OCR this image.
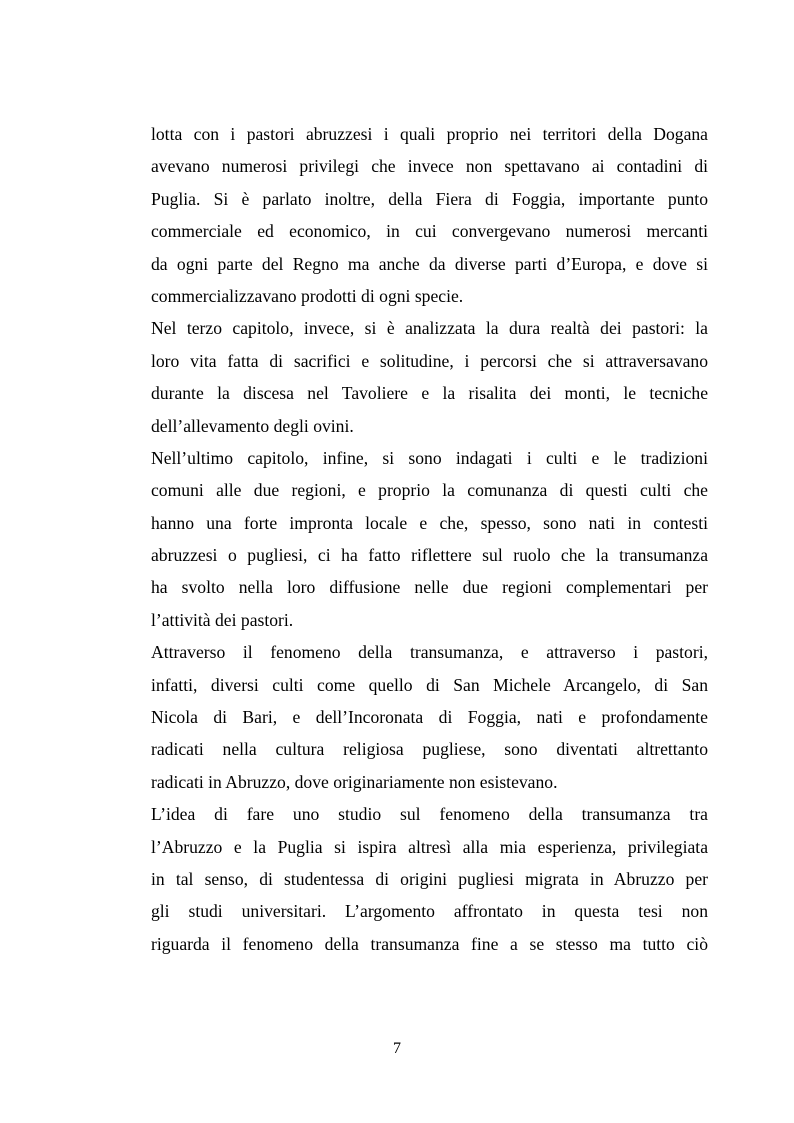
lotta con i pastori abruzzesi i quali proprio nei territori della Dogana
avevano numerosi privilegi che invece non spettavano ai contadini di
Puglia. Si è parlato inoltre, della Fiera di Foggia, importante punto
commerciale ed economico, in cui convergevano numerosi mercanti
da ogni parte del Regno ma anche da diverse parti d’Europa, e dove si
commercializzavano prodotti di ogni specie.
Nel terzo capitolo, invece, si è analizzata la dura realtà dei pastori: la
loro vita fatta di sacrifici e solitudine, i percorsi che si attraversavano
durante la discesa nel Tavoliere e la risalita dei monti, le tecniche
dell’allevamento degli ovini.
Nell’ultimo capitolo, infine, si sono indagati i culti e le tradizioni
comuni alle due regioni, e proprio la comunanza di questi culti che
hanno una forte impronta locale e che, spesso, sono nati in contesti
abruzzesi o pugliesi, ci ha fatto riflettere sul ruolo che la transumanza
ha svolto nella loro diffusione nelle due regioni complementari per
l’attività dei pastori.
Attraverso il fenomeno della transumanza, e attraverso i pastori,
infatti, diversi culti come quello di San Michele Arcangelo, di San
Nicola di Bari, e dell’Incoronata di Foggia, nati e profondamente
radicati nella cultura religiosa pugliese, sono diventati altrettanto
radicati in Abruzzo, dove originariamente non esistevano.
L’idea di fare uno studio sul fenomeno della transumanza tra
l’Abruzzo e la Puglia si ispira altresì alla mia esperienza, privilegiata
in tal senso, di studentessa di origini pugliesi migrata in Abruzzo per
gli studi universitari. L’argomento affrontato in questa tesi non
riguarda il fenomeno della transumanza fine a se stesso ma tutto ciò
7
